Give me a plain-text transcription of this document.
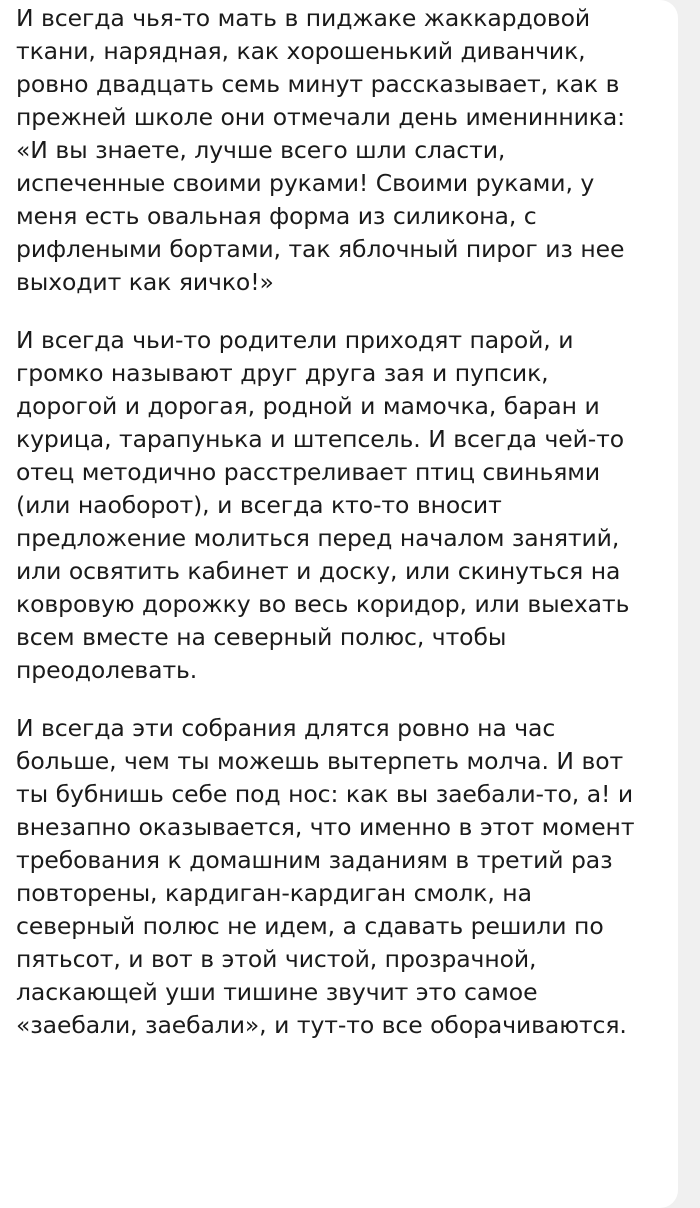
И всегда чья-то мать в пиджаке жаккардовой ткани, нарядная, как хорошенький диванчик, ровно двадцать семь минут рассказывает, как в прежней школе они отмечали день именинника: «И вы знаете, лучше всего шли сласти, испеченные своими руками! Своими руками, у меня есть овальная форма из силикона, с рифлеными бортами, так яблочный пирог из нее выходит как яичко!»

И всегда чьи-то родители приходят парой, и громко называют друг друга зая и пупсик, дорогой и дорогая, родной и мамочка, баран и курица, тарапунька и штепсель. И всегда чей-то отец методично расстреливает птиц свиньями (или наоборот), и всегда кто-то вносит предложение молиться перед началом занятий, или освятить кабинет и доску, или скинуться на ковровую дорожку во весь коридор, или выехать всем вместе на северный полюс, чтобы преодолевать.

И всегда эти собрания длятся ровно на час больше, чем ты можешь вытерпеть молча. И вот ты бубнишь себе под нос: как вы заебали-то, а! и внезапно оказывается, что именно в этот момент требования к домашним заданиям в третий раз повторены, кардиган-кардиган смолк, на северный полюс не идем, а сдавать решили по пятьсот, и вот в этой чистой, прозрачной, ласкающей уши тишине звучит это самое «заебали, заебали», и тут-то все оборачиваются.
